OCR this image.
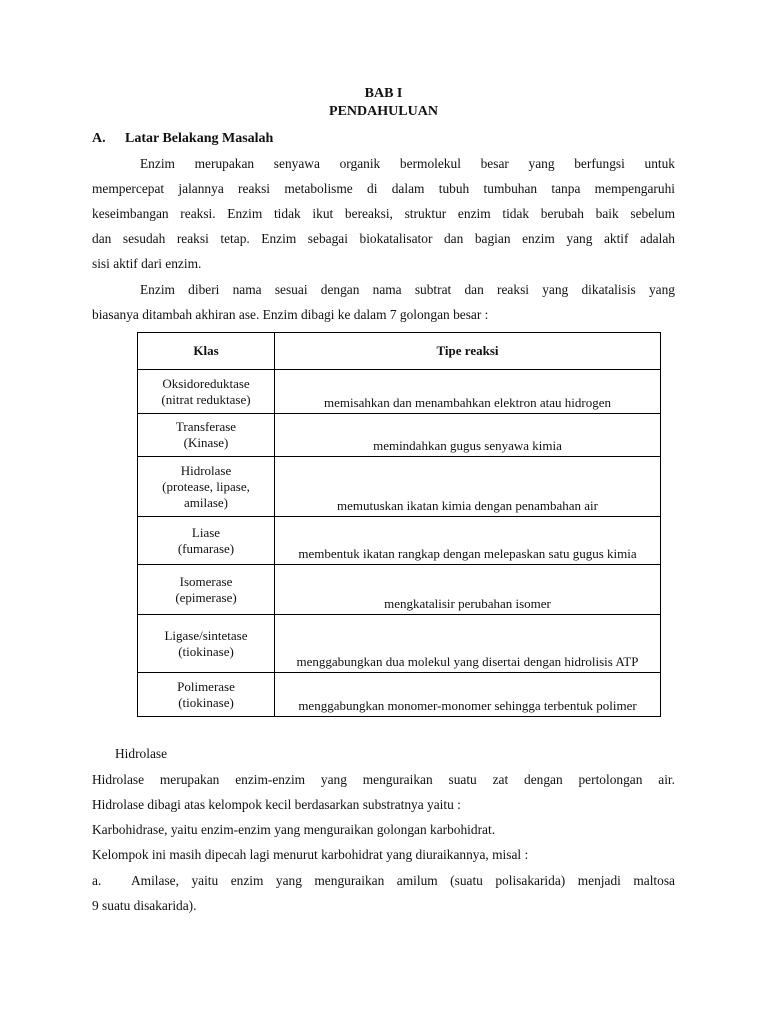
BAB I
PENDAHULUAN
A. Latar Belakang Masalah
Enzim merupakan senyawa organik bermolekul besar yang berfungsi untuk
mempercepat jalannya reaksi metabolisme di dalam tubuh tumbuhan tanpa mempengaruhi
keseimbangan reaksi. Enzim tidak ikut bereaksi, struktur enzim tidak berubah baik sebelum
dan sesudah reaksi tetap. Enzim sebagai biokatalisator dan bagian enzim yang aktif adalah
sisi aktif dari enzim.
Enzim diberi nama sesuai dengan nama subtrat dan reaksi yang dikatalisis yang
biasanya ditambah akhiran ase. Enzim dibagi ke dalam 7 golongan besar :
Klas	Tipe reaksi

Oksidoreduktase
(nitrat reduktase)	memisahkan dan menambahkan elektron atau hidrogen

Transferase
(Kinase)	memindahkan gugus senyawa kimia

Hidrolase
(protease, lipase,
amilase)	memutuskan ikatan kimia dengan penambahan air

Liase
(fumarase)	membentuk ikatan rangkap dengan melepaskan satu gugus kimia

Isomerase
(epimerase)	mengkatalisir perubahan isomer

Ligase/sintetase
(tiokinase)	menggabungkan dua molekul yang disertai dengan hidrolisis ATP

Polimerase
(tiokinase)	menggabungkan monomer-monomer sehingga terbentuk polimer
Hidrolase
Hidrolase merupakan enzim-enzim yang menguraikan suatu zat dengan pertolongan air.
Hidrolase dibagi atas kelompok kecil berdasarkan substratnya yaitu :
Karbohidrase, yaitu enzim-enzim yang menguraikan golongan karbohidrat.
Kelompok ini masih dipecah lagi menurut karbohidrat yang diuraikannya, misal :
a. Amilase, yaitu enzim yang menguraikan amilum (suatu polisakarida) menjadi maltosa
9 suatu disakarida).
